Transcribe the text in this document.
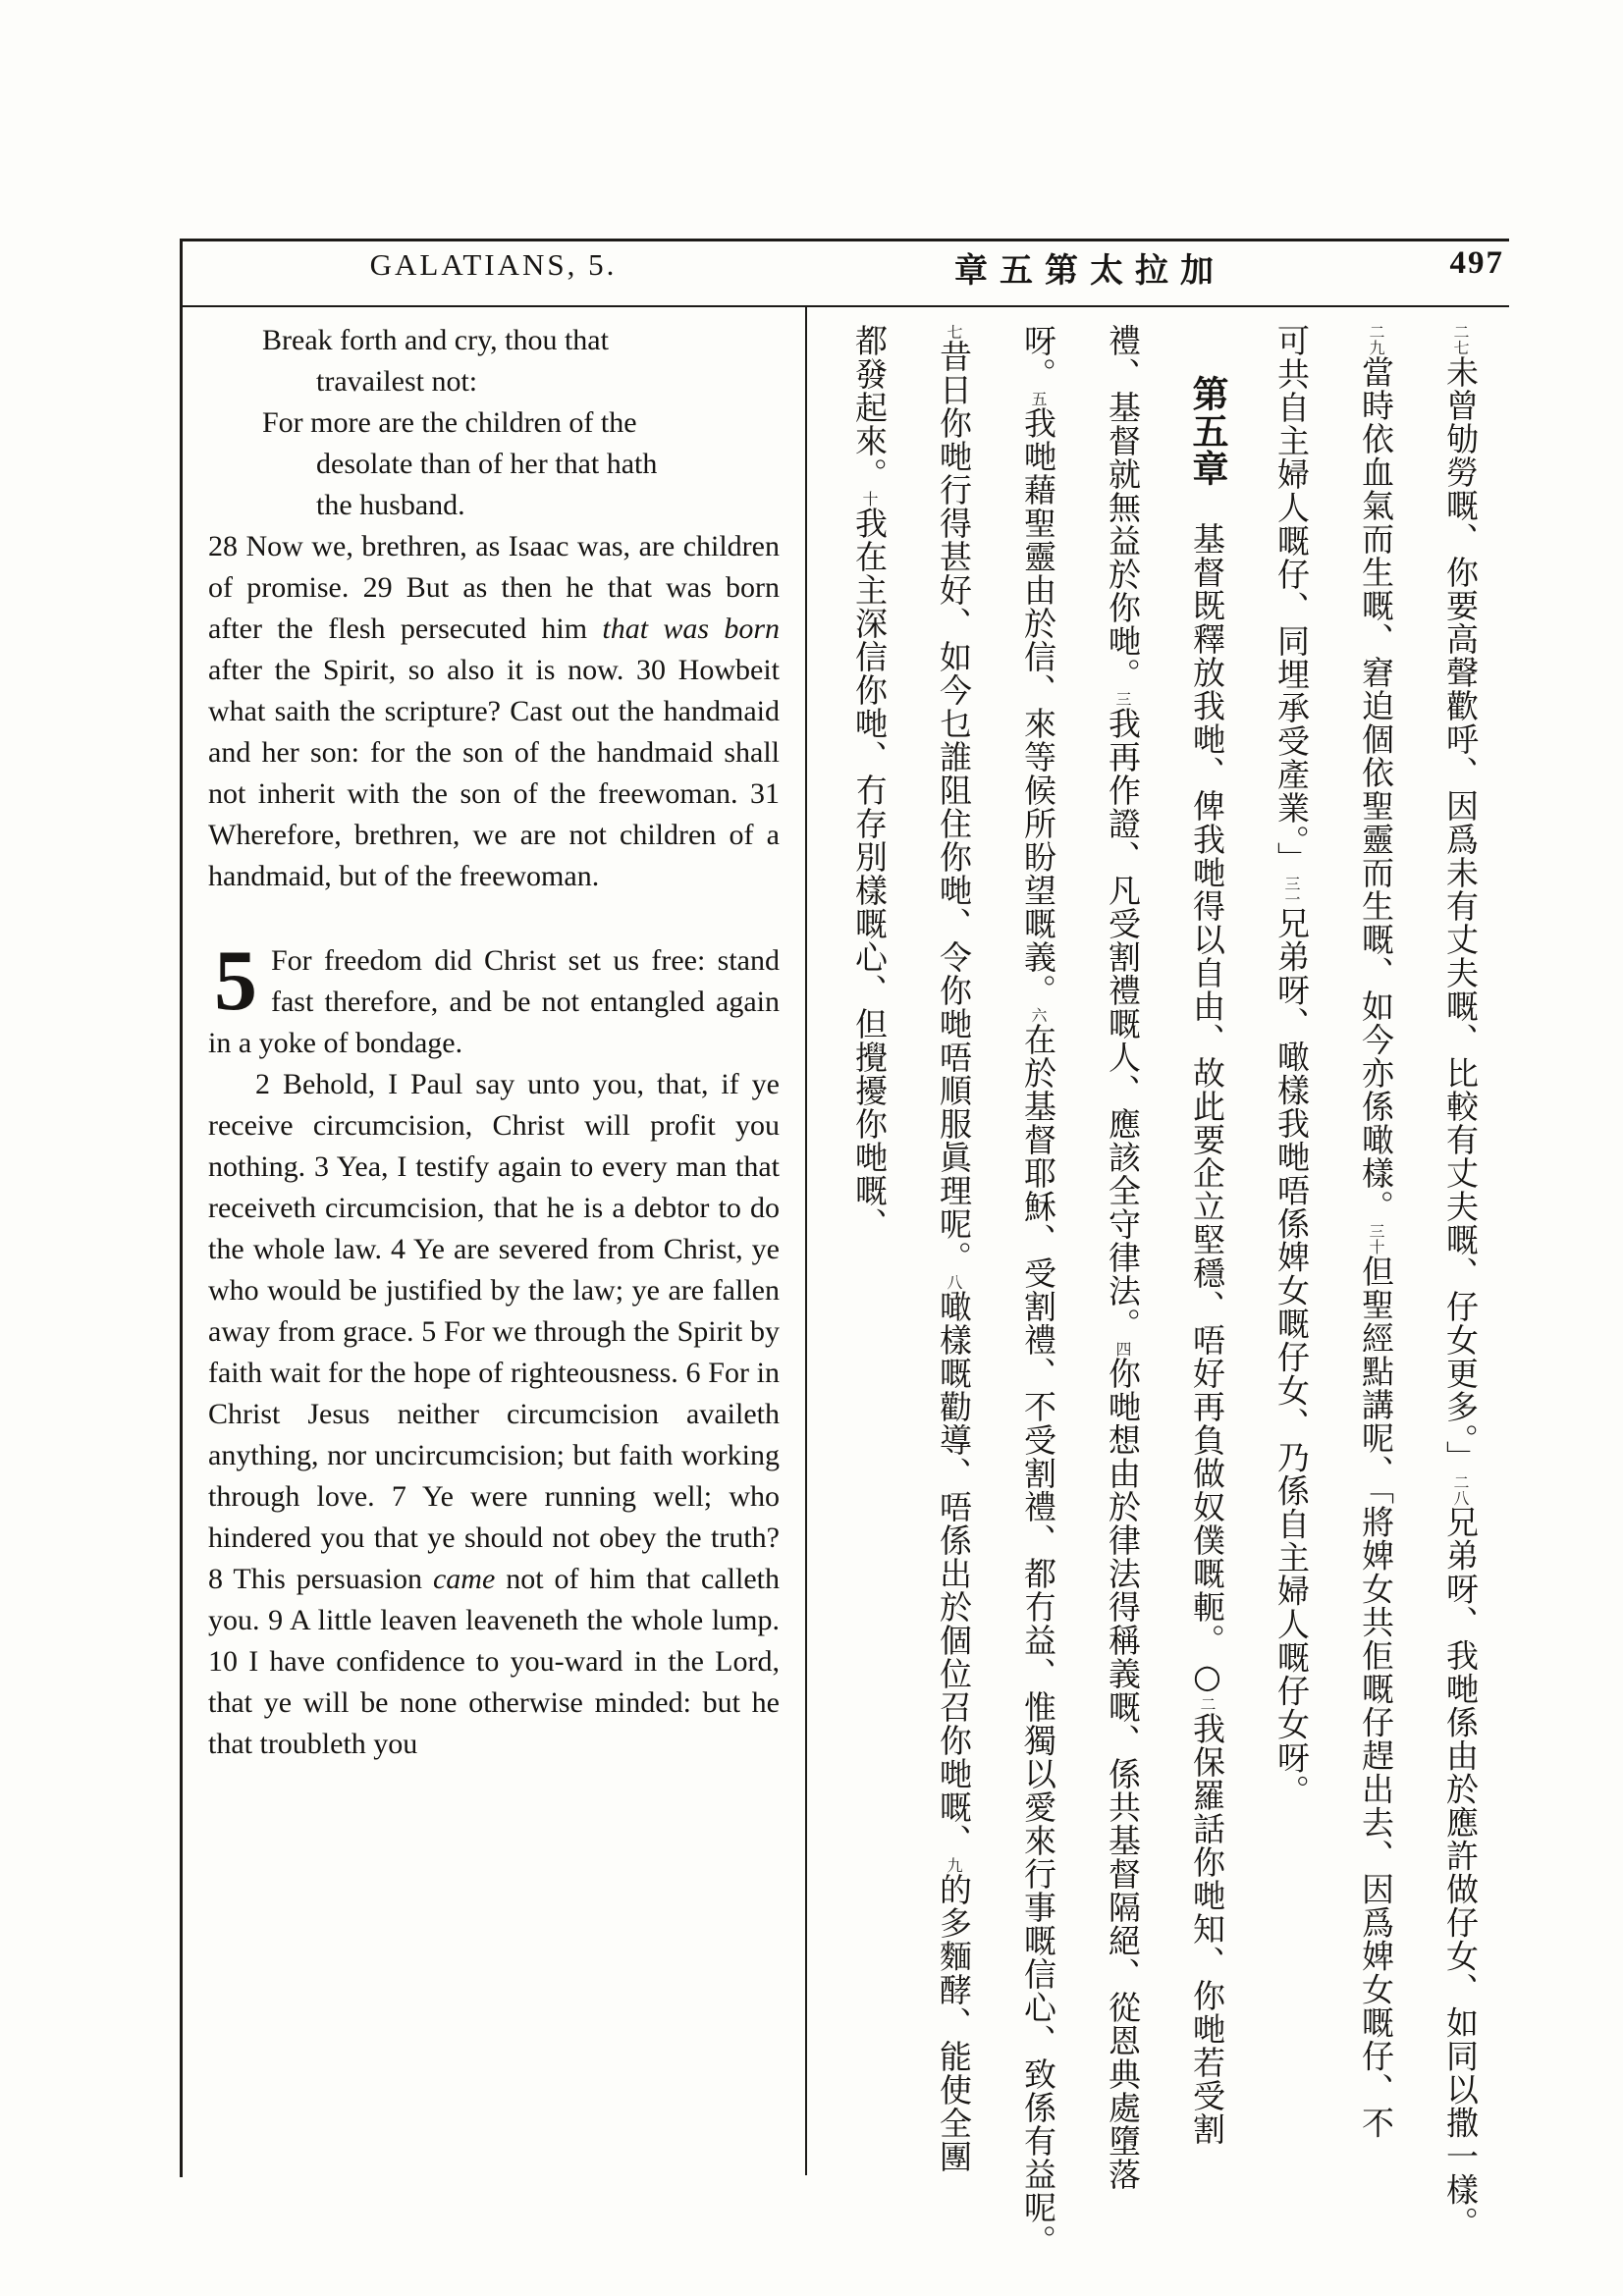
GALATIANS, 5.	章五第太拉加	497
Break forth and cry, thou that
travailest not:
For more are the children of the
desolate than of her that hath
the husband.

28 Now we, brethren, as Isaac was, are children of promise. 29 But as then he that was born after the flesh persecuted him that was born after the Spirit, so also it is now. 30 Howbeit what saith the scripture? Cast out the handmaid and her son: for the son of the handmaid shall not inherit with the son of the freewoman. 31 Wherefore, brethren, we are not children of a handmaid, but of the freewoman.

5 For freedom did Christ set us free: stand fast therefore, and be not entangled again in a yoke of bondage.

2 Behold, I Paul say unto you, that, if ye receive circumcision, Christ will profit you nothing. 3 Yea, I testify again to every man that receiveth circumcision, that he is a debtor to do the whole law. 4 Ye are severed from Christ, ye who would be justified by the law; ye are fallen away from grace. 5 For we through the Spirit by faith wait for the hope of righteousness. 6 For in Christ Jesus neither circumcision availeth anything, nor uncircumcision; but faith working through love. 7 Ye were running well; who hindered you that ye should not obey the truth? 8 This persuasion came not of him that calleth you. 9 A little leaven leaveneth the whole lump. 10 I have confidence to you-ward in the Lord, that ye will be none otherwise minded: but he that troubleth you

二七未曾劬勞嘅、你要高聲歡呼、因爲未有丈夫嘅、比較有丈夫嘅、仔女更多。」二八兄弟呀、我哋係由於應許做仔女、如同以撒一樣。
二九當時依血氣而生嘅、窘迫個依聖靈而生嘅、如今亦係噉樣。三十但聖經點講呢、「將婢女共佢嘅仔趕出去、因爲婢女嘅仔、不
可共自主婦人嘅仔、同埋承受產業。」三一兄弟呀、噉樣我哋唔係婢女嘅仔女、乃係自主婦人嘅仔女呀。
第五章基督既釋放我哋、俾我哋得以自由、故此要企立堅穩、唔好再負做奴僕嘅軛。○二我保羅話你哋知、你哋若受割
禮、基督就無益於你哋。三我再作證、凡受割禮嘅人、應該全守律法。四你哋想由於律法得稱義嘅、係共基督隔絕、從恩典處墮落
呀。五我哋藉聖靈由於信、來等候所盼望嘅義。六在於基督耶穌、受割禮、不受割禮、都冇益、惟獨以愛來行事嘅信心、致係有益呢。
七昔日你哋行得甚好、如今乜誰阻住你哋、令你哋唔順服眞理呢。八噉樣嘅勸導、唔係出於個位召你哋嘅、九的多麵酵、能使全團
都發起來。十我在主深信你哋、冇存別樣嘅心、但攪擾你哋嘅、
